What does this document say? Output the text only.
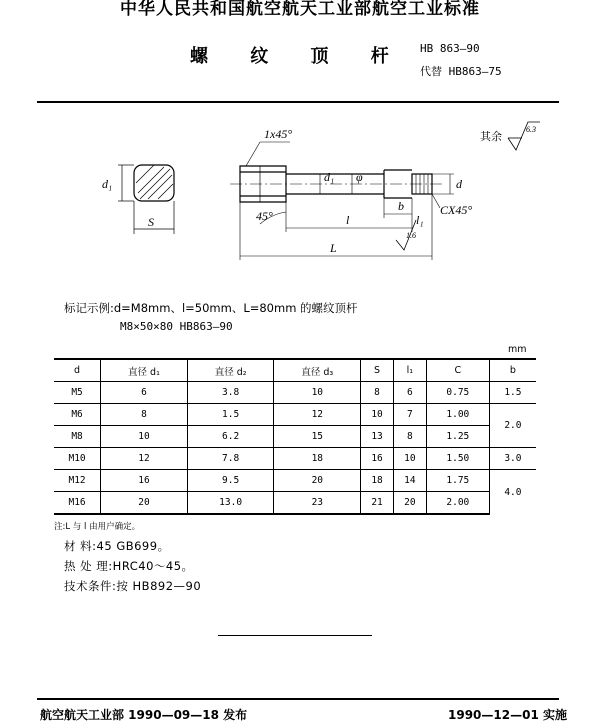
中华人民共和国航空航天工业部航空工业标准
螺 纹 顶 杆 HB 863—90
代替 HB863—75
d₁
S
1x45°
d₁ φ	d
45°	l
L
b
l₁
CX45°
1.6
其余
6.3
标记示例:d=M8mm、l=50mm、L=80mm 的螺纹顶杆
M8×50×80 HB863—90
mm
d	直径 d₁	直径 d₂	直径 d₃	S	l₁	C	b
M5	6	3.8	10	8	6	0.75	1.5
M6	8	1.5	12	10	7	1.00	2.0
M8	10	6.2	15	13	8	1.25	
M10	12	7.8	18	16	10	1.50	3.0
M12	16	9.5	20	18	14	1.75	4.0
M16	20	13.0	23	21	20	2.00	
注:L 与 l 由用户确定。
材 料:45 GB699。
热 处 理:HRC40～45。
技术条件:按 HB892—90
航空航天工业部 1990—09—18 发布	1990—12—01 实施
